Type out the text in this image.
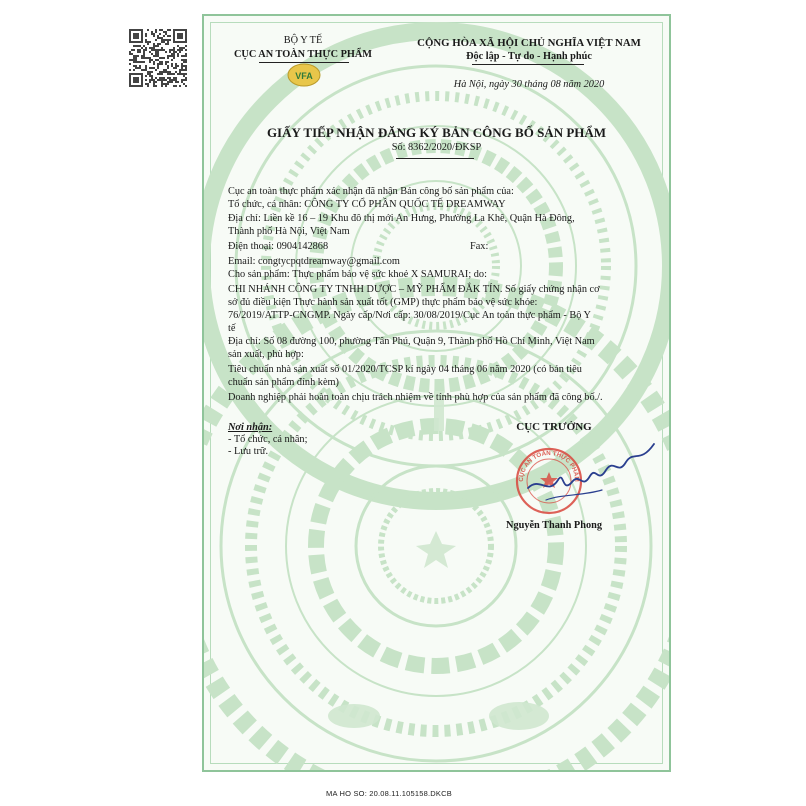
VFA
BỘ Y TẾ
CỤC AN TOÀN THỰC PHẨM
CỘNG HÒA XÃ HỘI CHỦ NGHĨA VIỆT NAM
Độc lập - Tự do - Hạnh phúc
Hà Nội, ngày 30 tháng 08 năm 2020
GIẤY TIẾP NHẬN ĐĂNG KÝ BẢN CÔNG BỐ SẢN PHẨM
Số: 8362/2020/ĐKSP
Cục an toàn thực phẩm xác nhận đã nhận Bản công bố sản phẩm của:
Tổ chức, cá nhân: CÔNG TY CỔ PHẦN QUỐC TẾ DREAMWAY
Địa chỉ: Liền kề 16 – 19 Khu đô thị mới An Hưng, Phường La Khê, Quận Hà Đông,
Thành phố Hà Nội, Việt Nam
Điện thoại: 0904142868	Fax:
Email: congtycpqtdreamway@gmail.com
Cho sản phẩm: Thực phẩm bảo vệ sức khoẻ X SAMURAI; do:
CHI NHÁNH CÔNG TY TNHH DƯỢC – MỸ PHẨM ĐẮK TÍN. Số giấy chứng nhận cơ
sở đủ điều kiện Thực hành sản xuất tốt (GMP) thực phẩm bảo vệ sức khỏe:
76/2019/ATTP-CNGMP. Ngày cấp/Nơi cấp: 30/08/2019/Cục An toàn thực phẩm - Bộ Y
tế
Địa chỉ: Số 08 đường 100, phường Tân Phú, Quận 9, Thành phố Hồ Chí Minh, Việt Nam
sản xuất, phù hợp:
Tiêu chuẩn nhà sản xuất số 01/2020/TCSP kí ngày 04 tháng 06 năm 2020 (có bản tiêu
chuẩn sản phẩm đính kèm)
Doanh nghiệp phải hoàn toàn chịu trách nhiệm về tính phù hợp của sản phẩm đã công bố./.
Nơi nhận:
- Tổ chức, cá nhân;
- Lưu trữ.
CỤC TRƯỞNG
Nguyễn Thanh Phong
CỤC AN TOÀN THỰC PHẨM
MA HO SO: 20.08.11.105158.DKCB
